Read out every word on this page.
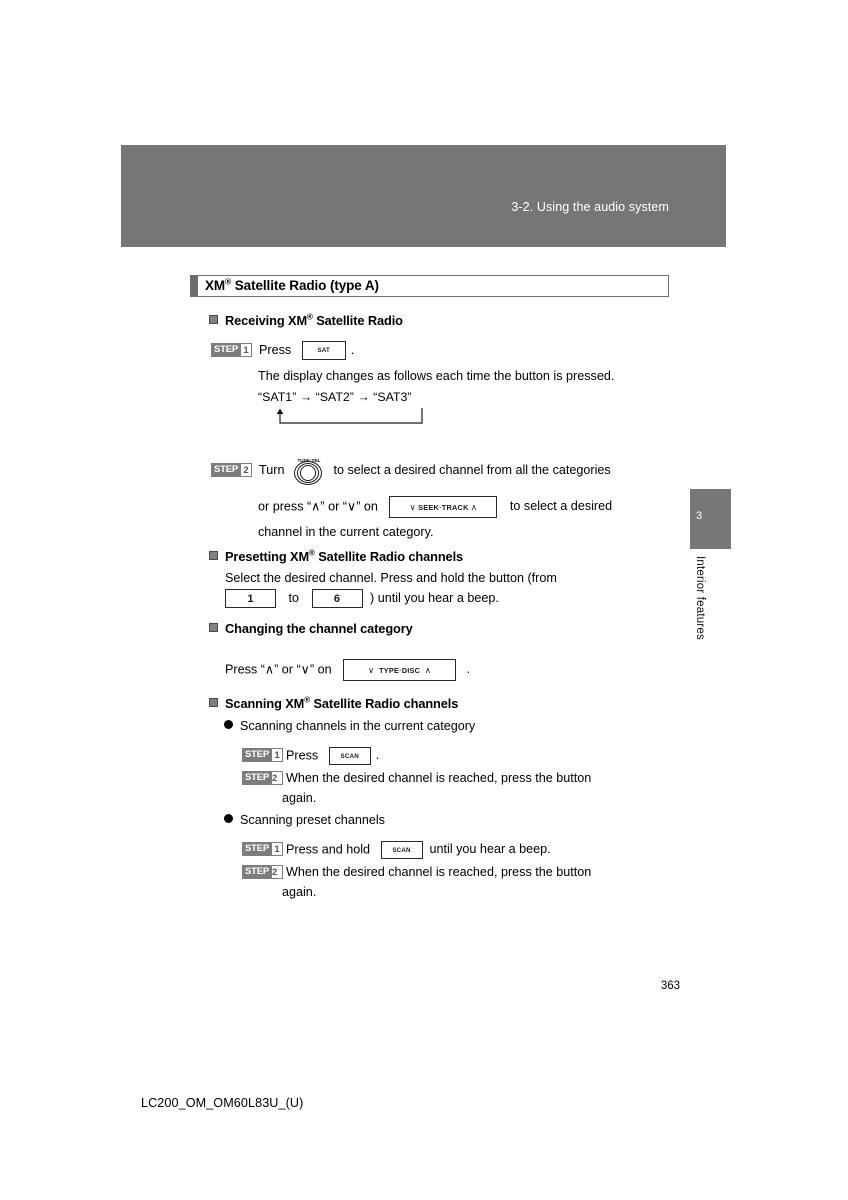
3-2. Using the audio system
XM® Satellite Radio (type A)
Receiving XM® Satellite Radio
STEP 1 Press	SAT .
The display changes as follows each time the button is pressed.
“SAT1” → “SAT2” → “SAT3”
STEP 2 Turn
TUNE·SEL
to select a desired channel from all the categories
or press “∧” or “∨” on	∨ SEEK·TRACK ∧	to select a desired
channel in the current category.
Presetting XM® Satellite Radio channels
Select the desired channel. Press and hold the button (from
1	to	6 ) until you hear a beep.
Changing the channel category
Press “∧” or “∨” on	∨ TYPE·DISC ∧	.
Scanning XM® Satellite Radio channels
Scanning channels in the current category
STEP 1 Press	SCAN .
STEP 2 When the desired channel is reached, press the button
again.
Scanning preset channels
STEP 1 Press and hold	SCAN until you hear a beep.
STEP 2 When the desired channel is reached, press the button
again.
3
Interior features
363
LC200_OM_OM60L83U_(U)
